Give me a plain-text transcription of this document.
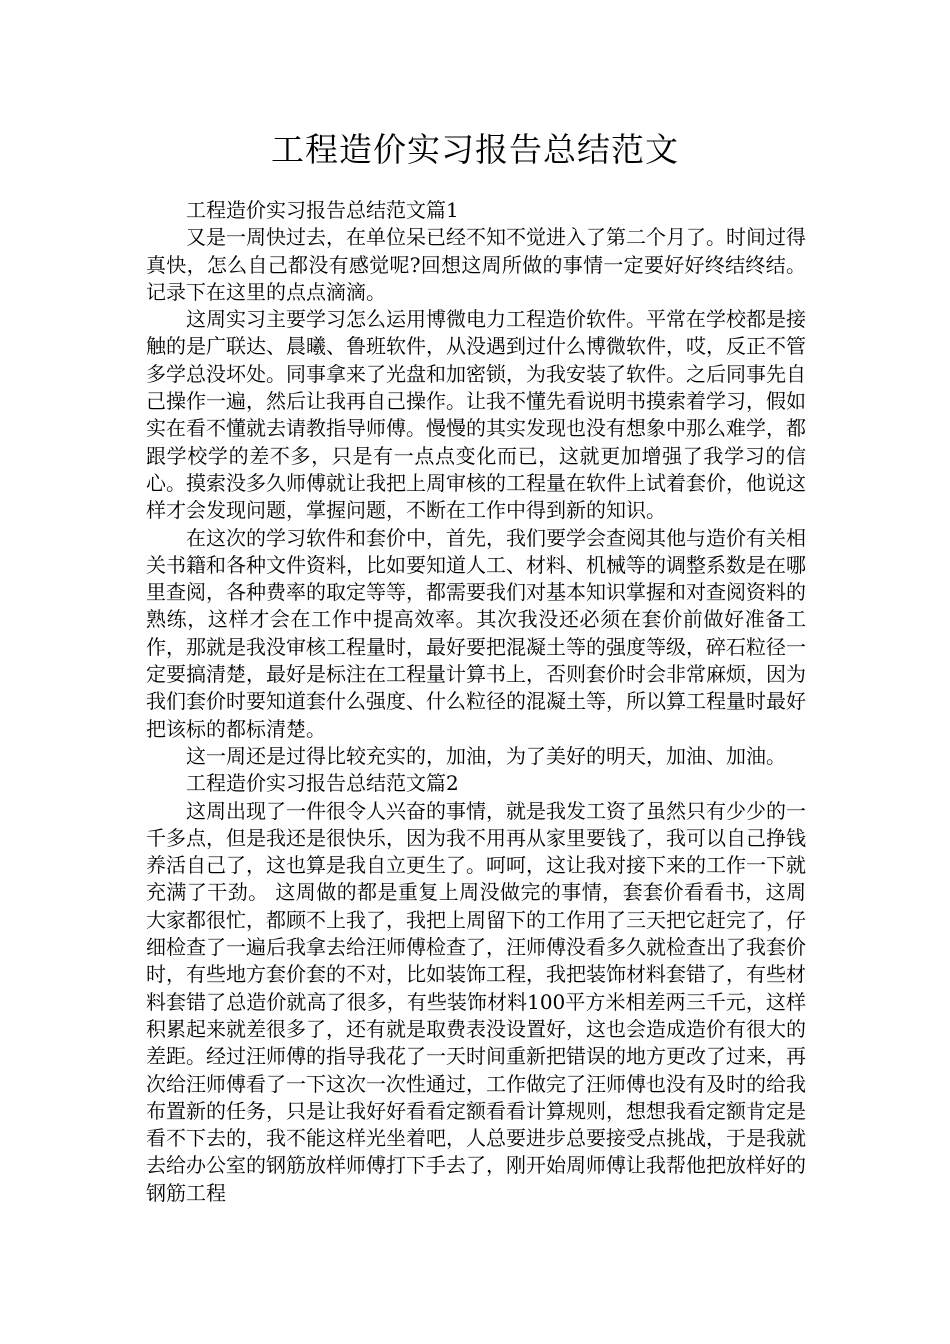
工程造价实习报告总结范文

工程造价实习报告总结范文篇1

又是一周快过去，在单位呆已经不知不觉进入了第二个月了。时间过得真快，怎么自己都没有感觉呢?回想这周所做的事情一定要好好终结终结。记录下在这里的点点滴滴。

这周实习主要学习怎么运用博微电力工程造价软件。平常在学校都是接触的是广联达、晨曦、鲁班软件，从没遇到过什么博微软件，哎，反正不管多学总没坏处。同事拿来了光盘和加密锁，为我安装了软件。之后同事先自己操作一遍，然后让我再自己操作。让我不懂先看说明书摸索着学习，假如实在看不懂就去请教指导师傅。慢慢的其实发现也没有想象中那么难学，都跟学校学的差不多，只是有一点点变化而已，这就更加增强了我学习的信心。摸索没多久师傅就让我把上周审核的工程量在软件上试着套价，他说这样才会发现问题，掌握问题，不断在工作中得到新的知识。

在这次的学习软件和套价中，首先，我们要学会查阅其他与造价有关相关书籍和各种文件资料，比如要知道人工、材料、机械等的调整系数是在哪里查阅，各种费率的取定等等，都需要我们对基本知识掌握和对查阅资料的熟练，这样才会在工作中提高效率。其次我没还必须在套价前做好准备工作，那就是我没审核工程量时，最好要把混凝土等的强度等级，碎石粒径一定要搞清楚，最好是标注在工程量计算书上，否则套价时会非常麻烦，因为我们套价时要知道套什么强度、什么粒径的混凝土等，所以算工程量时最好把该标的都标清楚。

这一周还是过得比较充实的，加油，为了美好的明天，加油、加油。

工程造价实习报告总结范文篇2

这周出现了一件很令人兴奋的事情，就是我发工资了虽然只有少少的一千多点，但是我还是很快乐，因为我不用再从家里要钱了，我可以自己挣钱养活自己了，这也算是我自立更生了。呵呵，这让我对接下来的工作一下就充满了干劲。 这周做的都是重复上周没做完的事情，套套价看看书，这周大家都很忙，都顾不上我了，我把上周留下的工作用了三天把它赶完了，仔细检查了一遍后我拿去给汪师傅检查了，汪师傅没看多久就检查出了我套价时，有些地方套价套的不对，比如装饰工程，我把装饰材料套错了，有些材料套错了总造价就高了很多，有些装饰材料100平方米相差两三千元，这样积累起来就差很多了，还有就是取费表没设置好，这也会造成造价有很大的差距。经过汪师傅的指导我花了一天时间重新把错误的地方更改了过来，再次给汪师傅看了一下这次一次性通过，工作做完了汪师傅也没有及时的给我布置新的任务，只是让我好好看看定额看看计算规则，想想我看定额肯定是看不下去的，我不能这样光坐着吧，人总要进步总要接受点挑战，于是我就去给办公室的钢筋放样师傅打下手去了，刚开始周师傅让我帮他把放样好的钢筋工程
